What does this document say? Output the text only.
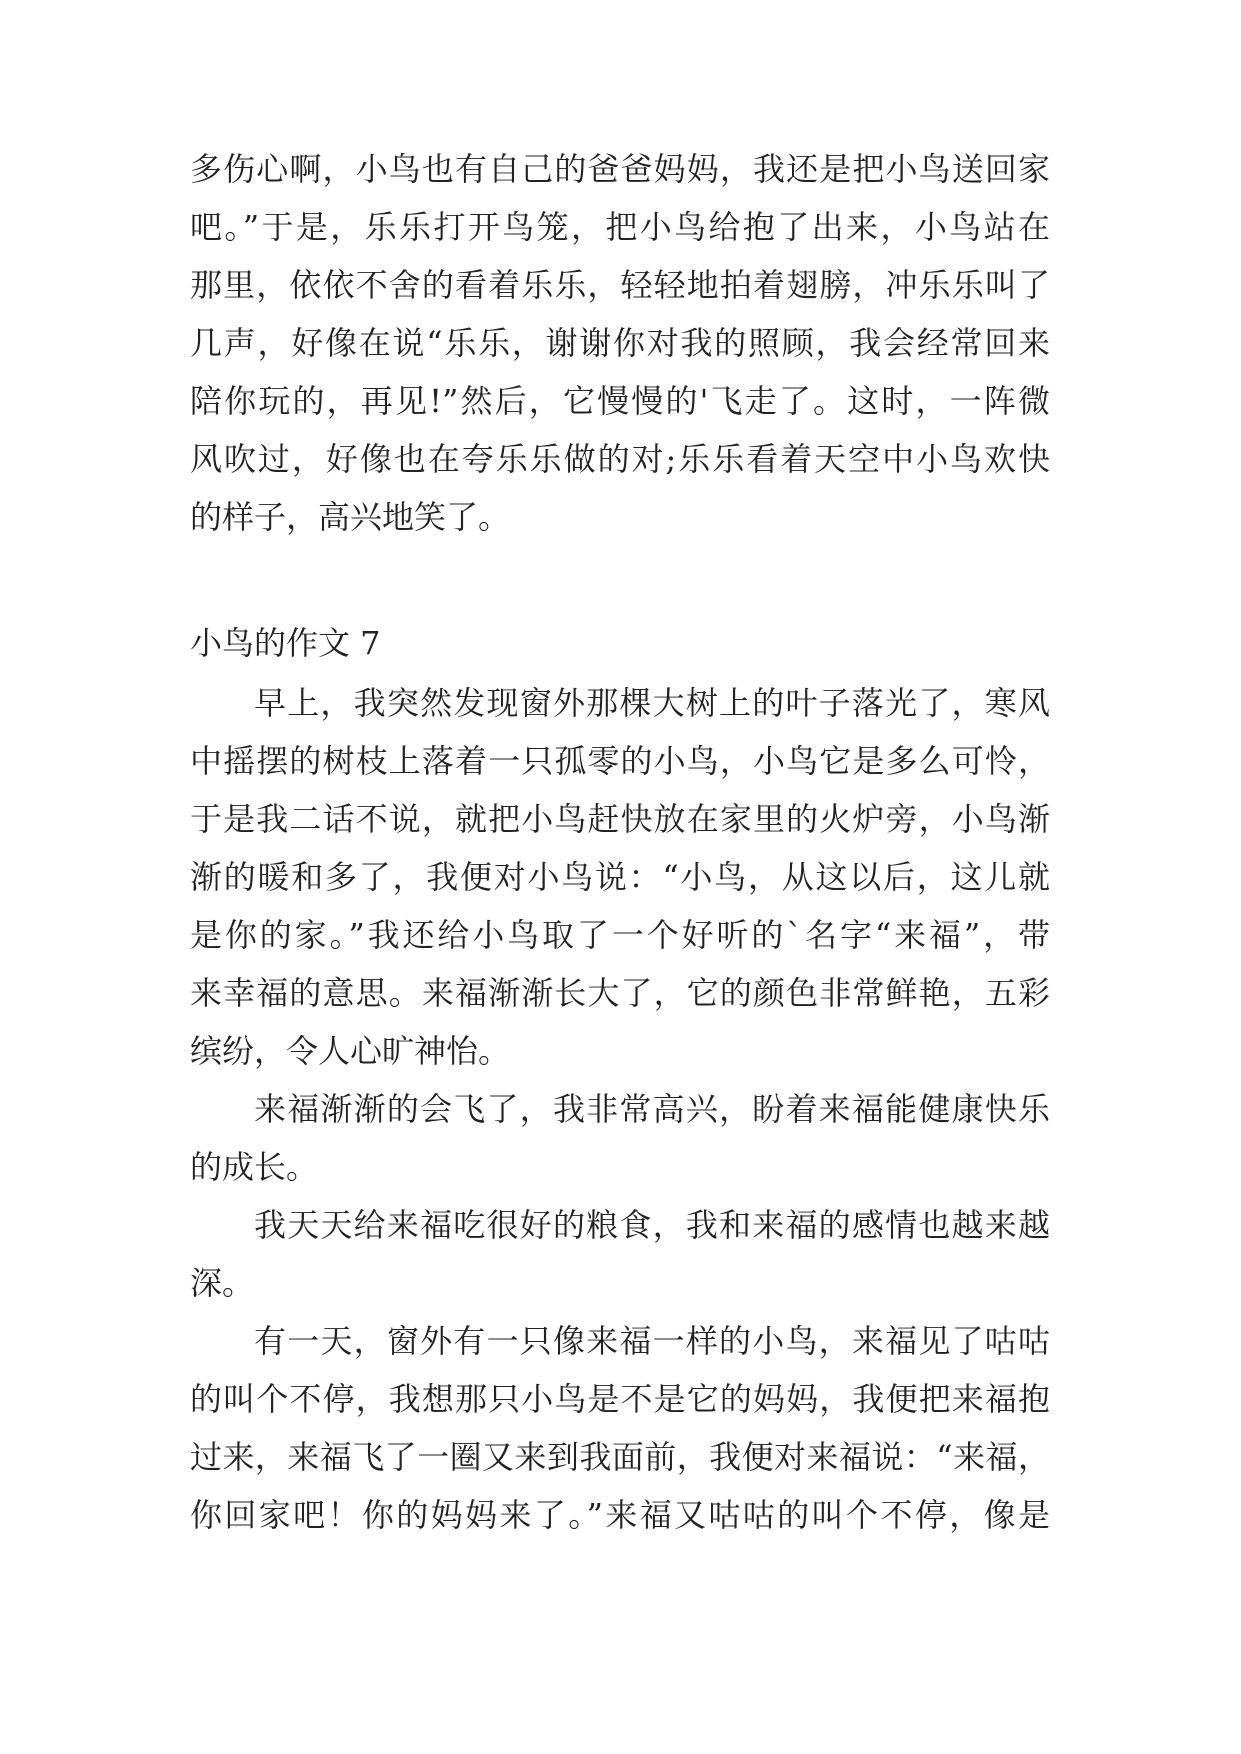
多伤心啊，小鸟也有自己的爸爸妈妈，我还是把小鸟送回家
吧。”于是，乐乐打开鸟笼，把小鸟给抱了出来，小鸟站在
那里，依依不舍的看着乐乐，轻轻地拍着翅膀，冲乐乐叫了
几声，好像在说“乐乐，谢谢你对我的照顾，我会经常回来
陪你玩的，再见!”然后，它慢慢的'飞走了。这时，一阵微
风吹过，好像也在夸乐乐做的对;乐乐看着天空中小鸟欢快
的样子，高兴地笑了。
小鸟的作文 7
早上，我突然发现窗外那棵大树上的叶子落光了，寒风
中摇摆的树枝上落着一只孤零的小鸟，小鸟它是多么可怜，
于是我二话不说，就把小鸟赶快放在家里的火炉旁，小鸟渐
渐的暖和多了，我便对小鸟说：“小鸟，从这以后，这儿就
是你的家。”我还给小鸟取了一个好听的`名字“来福”，带
来幸福的意思。来福渐渐长大了，它的颜色非常鲜艳，五彩
缤纷，令人心旷神怡。
来福渐渐的会飞了，我非常高兴，盼着来福能健康快乐
的成长。
我天天给来福吃很好的粮食，我和来福的感情也越来越
深。
有一天，窗外有一只像来福一样的小鸟，来福见了咕咕
的叫个不停，我想那只小鸟是不是它的妈妈，我便把来福抱
过来，来福飞了一圈又来到我面前，我便对来福说：“来福，
你回家吧！你的妈妈来了。”来福又咕咕的叫个不停，像是
